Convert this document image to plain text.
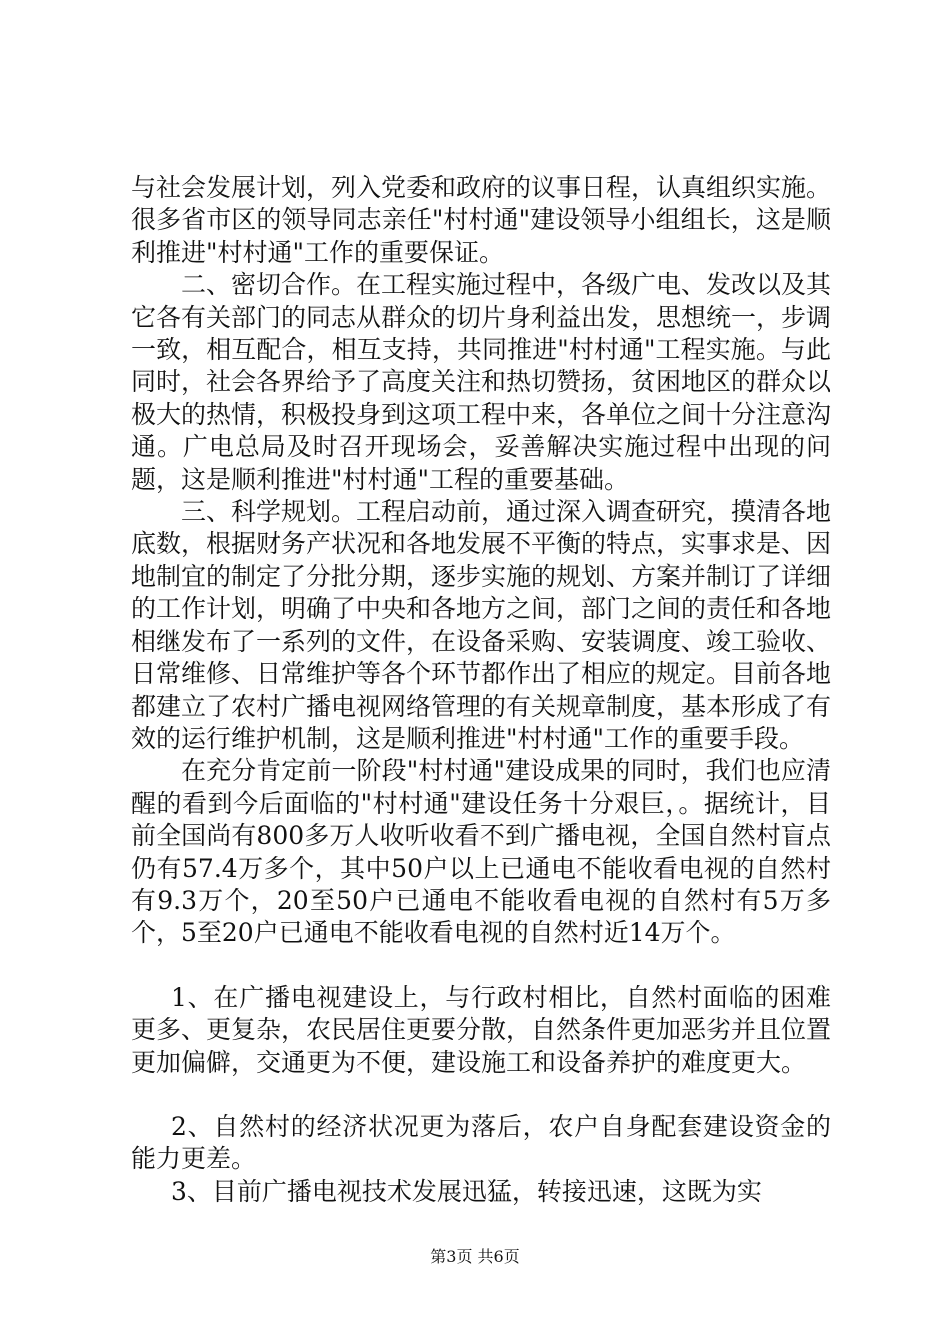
与社会发展计划，列入党委和政府的议事日程，认真组织实施。很多省市区的领导同志亲任"村村通"建设领导小组组长，这是顺利推进"村村通"工作的重要保证。

二、密切合作。在工程实施过程中，各级广电、发改以及其它各有关部门的同志从群众的切片身利益出发，思想统一，步调一致，相互配合，相互支持，共同推进"村村通"工程实施。与此同时，社会各界给予了高度关注和热切赞扬，贫困地区的群众以极大的热情，积极投身到这项工程中来，各单位之间十分注意沟通。广电总局及时召开现场会，妥善解决实施过程中出现的问题，这是顺利推进"村村通"工程的重要基础。

三、科学规划。工程启动前，通过深入调查研究，摸清各地底数，根据财务产状况和各地发展不平衡的特点，实事求是、因地制宜的制定了分批分期，逐步实施的规划、方案并制订了详细的工作计划，明确了中央和各地方之间，部门之间的责任和各地相继发布了一系列的文件，在设备采购、安装调度、竣工验收、日常维修、日常维护等各个环节都作出了相应的规定。目前各地都建立了农村广播电视网络管理的有关规章制度，基本形成了有效的运行维护机制，这是顺利推进"村村通"工作的重要手段。

在充分肯定前一阶段"村村通"建设成果的同时，我们也应清醒的看到今后面临的"村村通"建设任务十分艰巨，。据统计，目前全国尚有800多万人收听收看不到广播电视，全国自然村盲点仍有57.4万多个，其中50户以上已通电不能收看电视的自然村有9.3万个，20至50户已通电不能收看电视的自然村有5万多个，5至20户已通电不能收看电视的自然村近14万个。

1、在广播电视建设上，与行政村相比，自然村面临的困难更多、更复杂，农民居住更要分散，自然条件更加恶劣并且位置更加偏僻，交通更为不便，建设施工和设备养护的难度更大。

2、自然村的经济状况更为落后，农户自身配套建设资金的能力更差。

3、目前广播电视技术发展迅猛，转接迅速，这既为实

第3页 共6页
